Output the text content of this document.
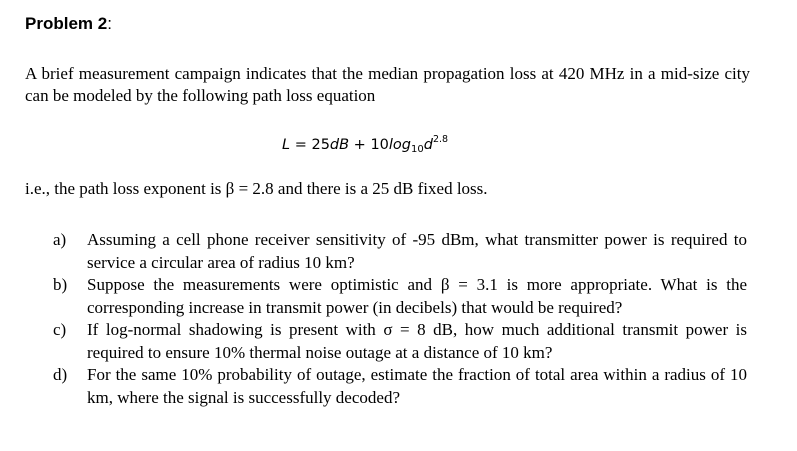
Problem 2:
A brief measurement campaign indicates that the median propagation loss at 420 MHz in a mid-size city can be modeled by the following path loss equation
$L = 25dB + 10\log_{10}d^{2.8}$
i.e., the path loss exponent is β = 2.8 and there is a 25 dB fixed loss.
a) Assuming a cell phone receiver sensitivity of -95 dBm, what transmitter power is required to service a circular area of radius 10 km?
b) Suppose the measurements were optimistic and β = 3.1 is more appropriate. What is the corresponding increase in transmit power (in decibels) that would be required?
c) If log-normal shadowing is present with σ = 8 dB, how much additional transmit power is required to ensure 10% thermal noise outage at a distance of 10 km?
d) For the same 10% probability of outage, estimate the fraction of total area within a radius of 10 km, where the signal is successfully decoded?
